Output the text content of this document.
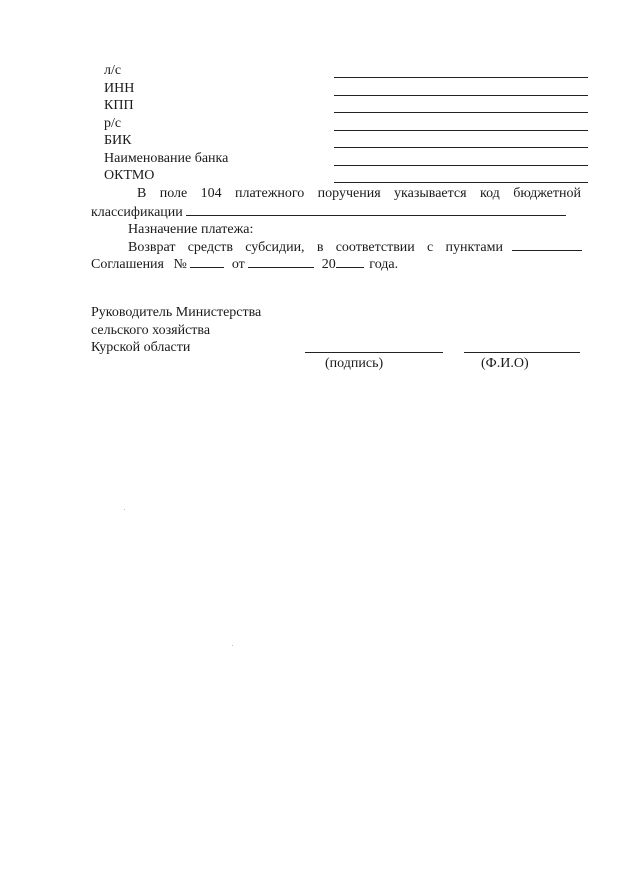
л/с
ИНН
КПП
р/с
БИК
Наименование банка
ОКТМО
В поле 104 платежного поручения указывается код бюджетной
классификации
Назначение платежа:
Возврат средств субсидии, в соответствии с пунктами
Соглашения №	от	20 года.
Руководитель Министерства
сельского хозяйства
Курской области
(подпись)	(Ф.И.О)
